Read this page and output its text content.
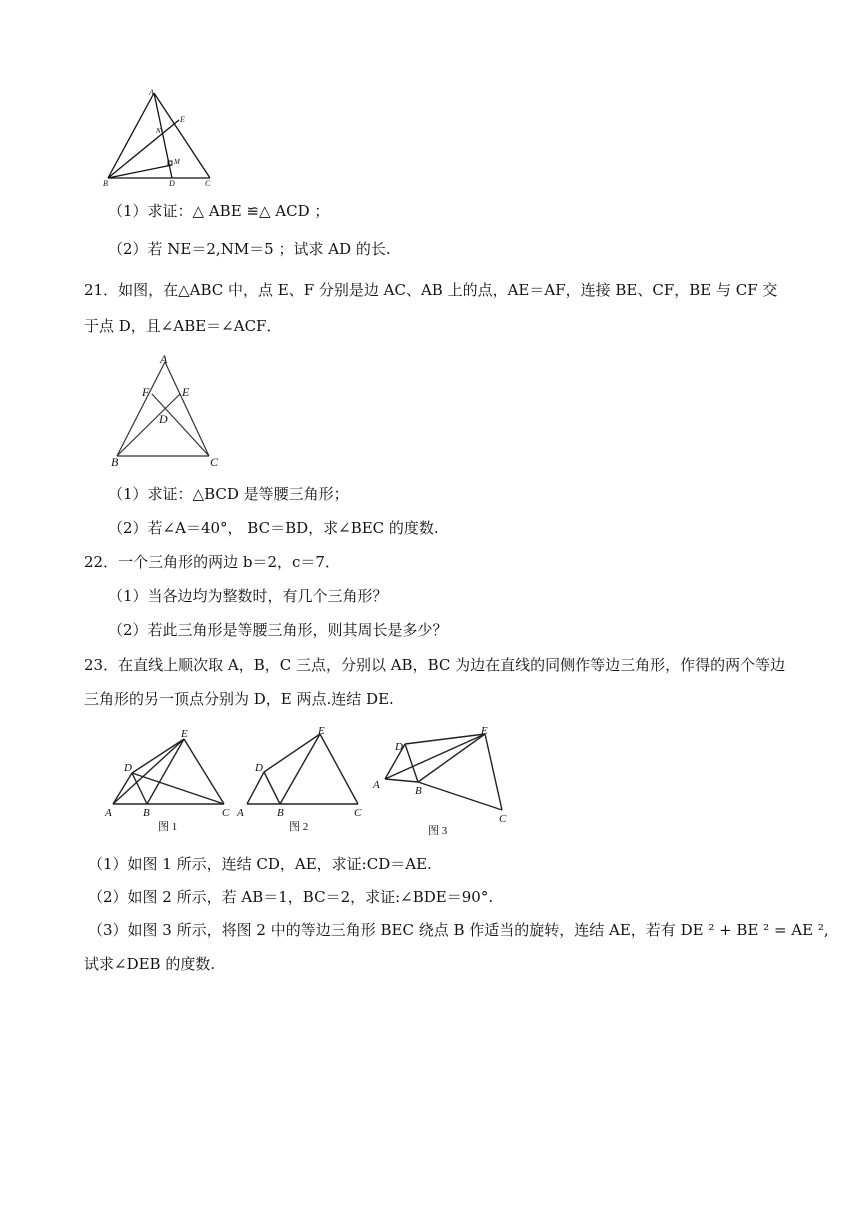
A
E
N
M
B	D	C
（1）求证：△ ABE ≌△ ACD ；
（2）若 NE＝2,NM＝5 ；试求 AD 的长.
21．如图，在△ABC 中，点 E、F 分别是边 AC、AB 上的点，AE＝AF，连接 BE、CF，BE 与 CF 交
于点 D，且∠ABE＝∠ACF．
A
F	E
D
B	C
（1）求证：△BCD 是等腰三角形；
（2）若∠A＝40°， BC＝BD，求∠BEC 的度数.
22．一个三角形的两边 b＝2，c＝7．
（1）当各边均为整数时，有几个三角形？
（2）若此三角形是等腰三角形，则其周长是多少？
23．在直线上顺次取 A，B，C 三点，分别以 AB，BC 为边在直线的同侧作等边三角形，作得的两个等边
三角形的另一顶点分别为 D，E 两点.连结 DE.
E
D
A	B	C
图 1
E
D
A	B	C
图 2
E
D
A	B
C
图 3
（1）如图 1 所示，连结 CD，AE，求证:CD＝AE.
（2）如图 2 所示，若 AB＝1，BC＝2，求证:∠BDE＝90°.
（3）如图 3 所示，将图 2 中的等边三角形 BEC 绕点 B 作适当的旋转，连结 AE，若有 DE ² + BE ² = AE ²,
试求∠DEB 的度数.
